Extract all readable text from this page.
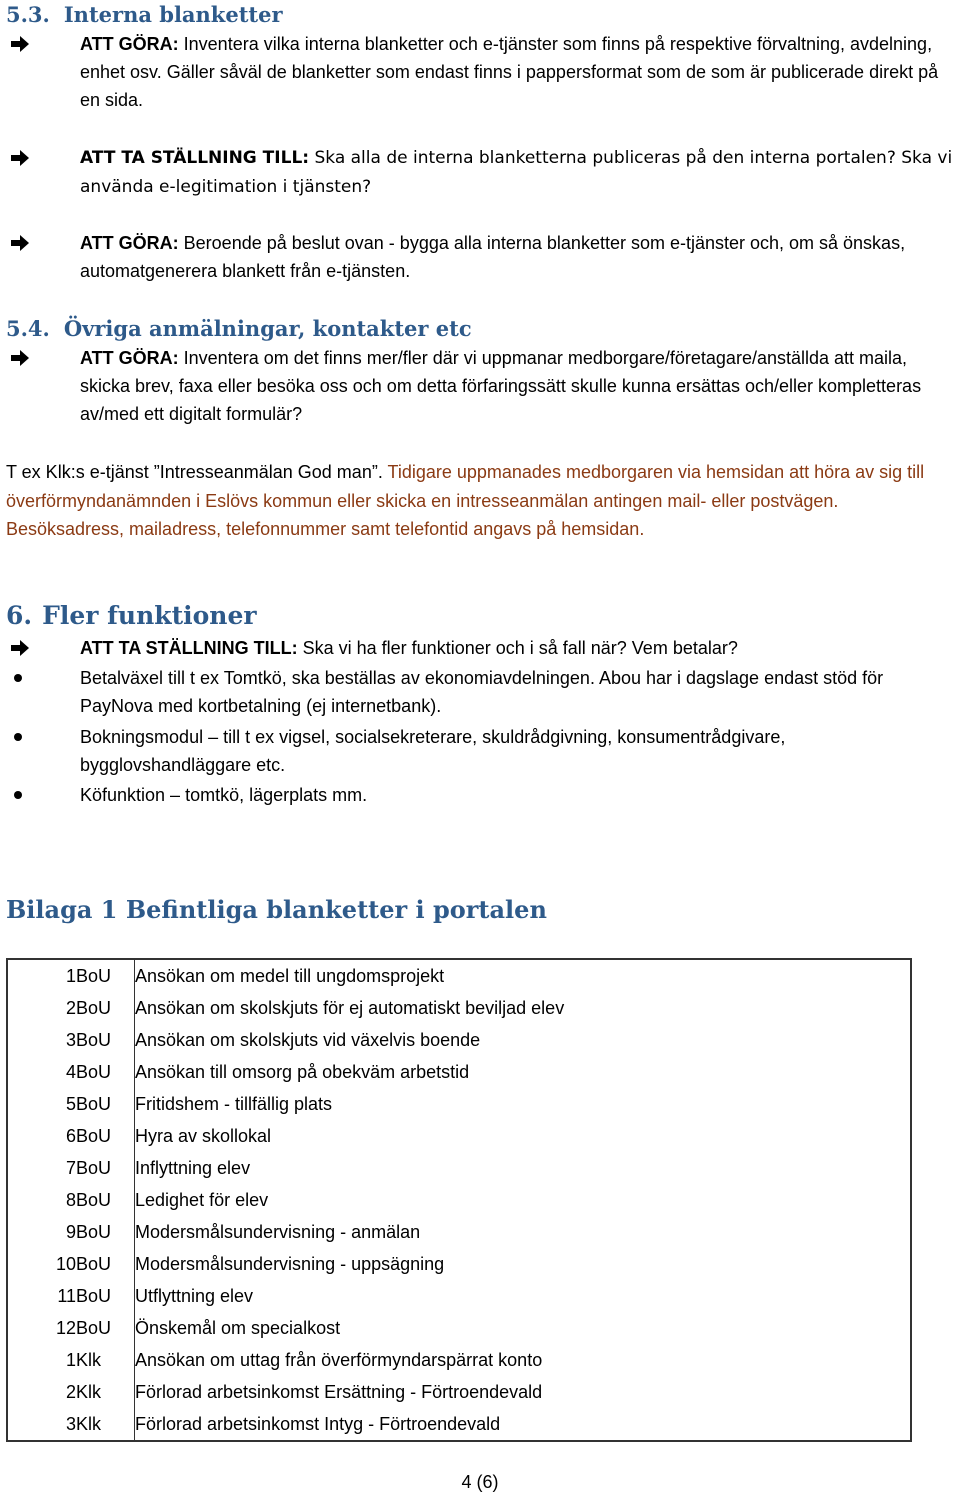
5.3. Interna blanketter
ATT GÖRA: Inventera vilka interna blanketter och e-tjänster som finns på respektive förvaltning, avdelning, enhet osv. Gäller såväl de blanketter som endast finns i pappersformat som de som är publicerade direkt på en sida.
ATT TA STÄLLNING TILL: Ska alla de interna blanketterna publiceras på den interna portalen? Ska vi använda e-legitimation i tjänsten?
ATT GÖRA: Beroende på beslut ovan - bygga alla interna blanketter som e-tjänster och, om så önskas, automatgenerera blankett från e-tjänsten.
5.4. Övriga anmälningar, kontakter etc
ATT GÖRA: Inventera om det finns mer/fler där vi uppmanar medborgare/företagare/anställda att maila, skicka brev, faxa eller besöka oss och om detta förfaringssätt skulle kunna ersättas och/eller kompletteras av/med ett digitalt formulär?
T ex Klk:s e-tjänst ”Intresseanmälan God man”. Tidigare uppmanades medborgaren via hemsidan att höra av sig till överförmyndanämnden i Eslövs kommun eller skicka en intresseanmälan antingen mail- eller postvägen. Besöksadress, mailadress, telefonnummer samt telefontid angavs på hemsidan.
6. Fler funktioner
ATT TA STÄLLNING TILL: Ska vi ha fler funktioner och i så fall när? Vem betalar?
Betalväxel till t ex Tomtkö, ska beställas av ekonomiavdelningen. Abou har i dagslage endast stöd för PayNova med kortbetalning (ej internetbank).
Bokningsmodul – till t ex vigsel, socialsekreterare, skuldrådgivning, konsumentrådgivare, bygglovshandläggare etc.
Köfunktion – tomtkö, lägerplats mm.
Bilaga 1 Befintliga blanketter i portalen
1	BoU	Ansökan om medel till ungdomsprojekt
2	BoU	Ansökan om skolskjuts för ej automatiskt beviljad elev
3	BoU	Ansökan om skolskjuts vid växelvis boende
4	BoU	Ansökan till omsorg på obekväm arbetstid
5	BoU	Fritidshem - tillfällig plats
6	BoU	Hyra av skollokal
7	BoU	Inflyttning elev
8	BoU	Ledighet för elev
9	BoU	Modersmålsundervisning - anmälan
10	BoU	Modersmålsundervisning - uppsägning
11	BoU	Utflyttning elev
12	BoU	Önskemål om specialkost
1	Klk	Ansökan om uttag från överförmyndarspärrat konto
2	Klk	Förlorad arbetsinkomst Ersättning - Förtroendevald
3	Klk	Förlorad arbetsinkomst Intyg - Förtroendevald
4 (6)
